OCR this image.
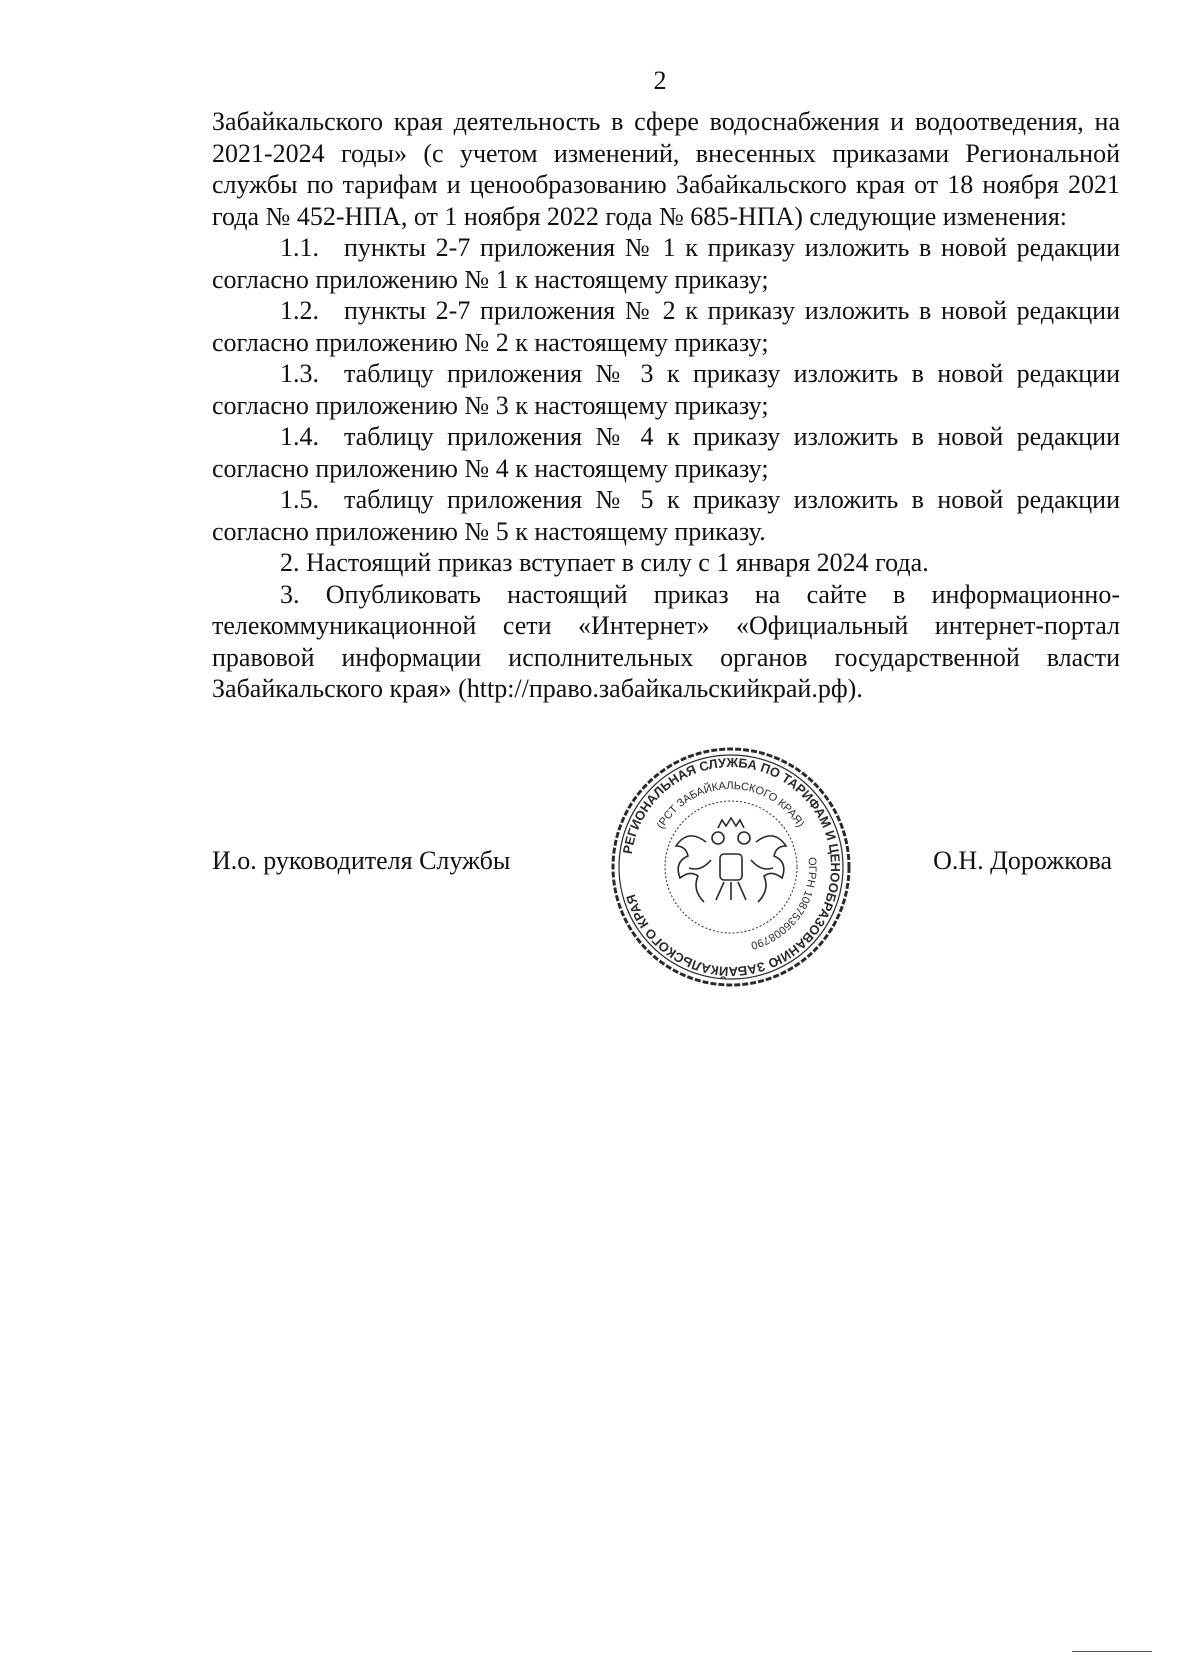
2

Забайкальского края деятельность в сфере водоснабжения и водоотведения, на 2021-2024 годы» (с учетом изменений, внесенных приказами Региональной службы по тарифам и ценообразованию Забайкальского края от 18 ноября 2021 года № 452-НПА, от 1 ноября 2022 года № 685-НПА) следующие изменения:

1.1. пункты 2-7 приложения № 1 к приказу изложить в новой редакции согласно приложению № 1 к настоящему приказу;

1.2. пункты 2-7 приложения № 2 к приказу изложить в новой редакции согласно приложению № 2 к настоящему приказу;

1.3. таблицу приложения № 3 к приказу изложить в новой редакции согласно приложению № 3 к настоящему приказу;

1.4. таблицу приложения № 4 к приказу изложить в новой редакции согласно приложению № 4 к настоящему приказу;

1.5. таблицу приложения № 5 к приказу изложить в новой редакции согласно приложению № 5 к настоящему приказу.

2. Настоящий приказ вступает в силу с 1 января 2024 года.

3. Опубликовать настоящий приказ на сайте в информационно-телекоммуникационной сети «Интернет» «Официальный интернет-портал правовой информации исполнительных органов государственной власти Забайкальского края» (http://право.забайкальскийкрай.рф).

И.о. руководителя Службы	О.Н. Дорожкова
РЕГИОНАЛЬНАЯ СЛУЖБА ПО ТАРИФАМ И ЦЕНООБРАЗОВАНИЮ ЗАБАЙКАЛЬСКОГО КРАЯ
(РСТ ЗАБАЙКАЛЬСКОГО КРАЯ)
ОГРН 1087536008790
